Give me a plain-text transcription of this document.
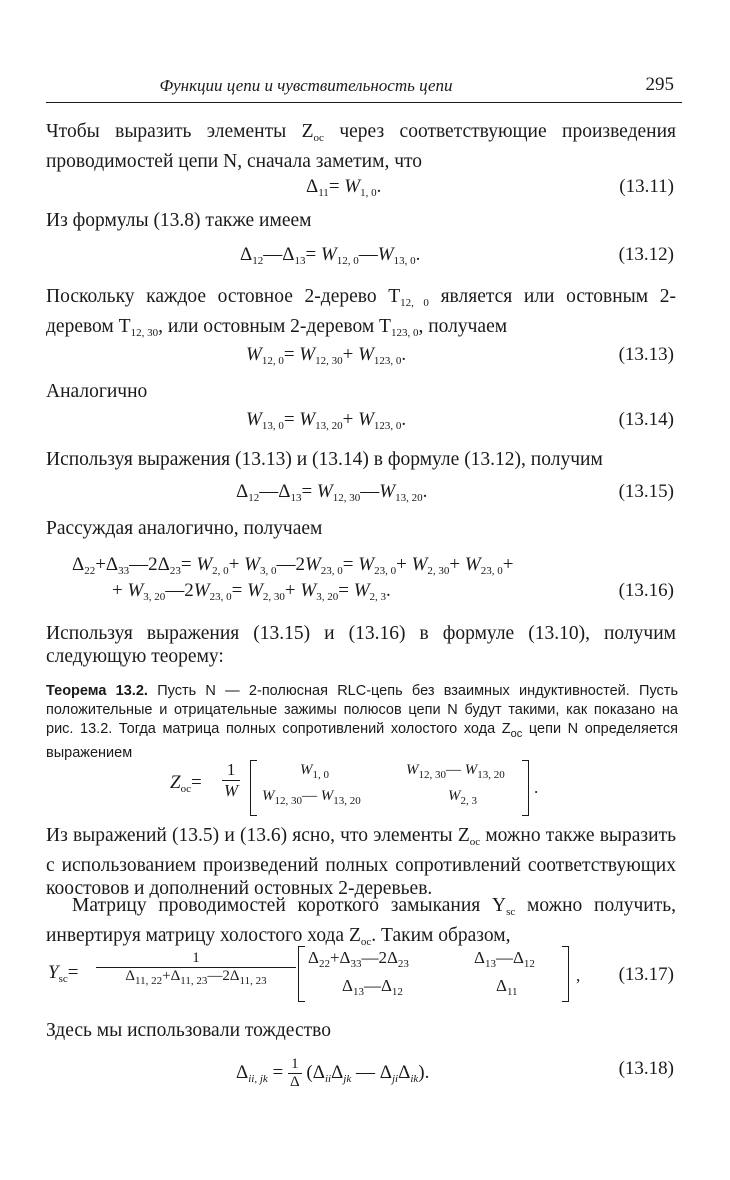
Функции цепи и чувствительность цепи	295
Чтобы выразить элементы $Z_{oc}$ через соответствующие произведения проводимостей цепи N, сначала заметим, что
$\Delta_{11}= W_{1, 0}$.	(13.11)
Из формулы (13.8) также имеем
$\Delta_{12}—\Delta_{13}=$ $W_{12, 0}—W_{13, 0}$.	(13.12)
Поскольку каждое остовное 2-дерево $T_{12, 0}$ является или остовным 2-деревом $T_{12, 30}$, или остовным 2-деревом $T_{123, 0}$, получаем
$W_{12, 0}= W_{12, 30}+ W_{123, 0}$.	(13.13)
Аналогично
$W_{13, 0}= W_{13, 20}+ W_{123, 0}$.	(13.14)
Используя выражения (13.13) и (13.14) в формуле (13.12), получим
$\Delta_{12}—\Delta_{13}=$ $W_{12, 30}—W_{13, 20}$.	(13.15)
Рассуждая аналогично, получаем
$\Delta_{22}+\Delta_{33}—2\Delta_{23}= W_{2, 0}+$ $W_{3, 0}—2W_{23, 0}= W_{23, 0}+ W_{2, 30}+ W_{23, 0}+$
+ $W_{3, 20}—2W_{23, 0}= W_{2, 30}+ W_{3, 20}= W_{2, 3}$.	(13.16)
Используя выражения (13.15) и (13.16) в формуле (13.10), получим следующую теорему:
Теорема 13.2. Пусть N — 2-полюсная RLC-цепь без взаимных индуктивностей. Пусть положительные и отрицательные зажимы полюсов цепи N будут такими, как показано на рис. 13.2. Тогда матрица полных сопротивлений холостого хода $Z_{oc}$ цепи N определяется выражением
$Z_{oc}= \frac{1}{W}$	$W_{1, 0}$	$W_{12, 30}—$ $W_{13, 20}$
$W_{12, 30}—$ $W_{13, 20}$	$W_{2, 3}$
.
Из выражений (13.5) и (13.6) ясно, что элементы $Z_{oc}$ можно также выразить с использованием произведений полных сопротивлений соответствующих коостовов и дополнений остовных 2-деревьев.
Матрицу проводимостей короткого замыкания $Y_{sc}$ можно получить, инвертируя матрицу холостого хода $Z_{oc}$. Таким образом,
$Y_{sc}= \frac{1}{\Delta_{11, 22}+\Delta_{11, 23}—2\Delta_{11, 23}}$ $\Delta_{22}+\Delta_{33}—2\Delta_{23}$	$\Delta_{13}—\Delta_{12}$
$\Delta_{13}—\Delta_{12}$	$\Delta_{11}$
, (13.17)
Здесь мы использовали тождество
$\Delta_{ii, jk} = \frac{1}{\Delta} (\Delta_{ii}\Delta_{jk}$ — $\Delta_{ji}\Delta_{ik}$).	(13.18)
